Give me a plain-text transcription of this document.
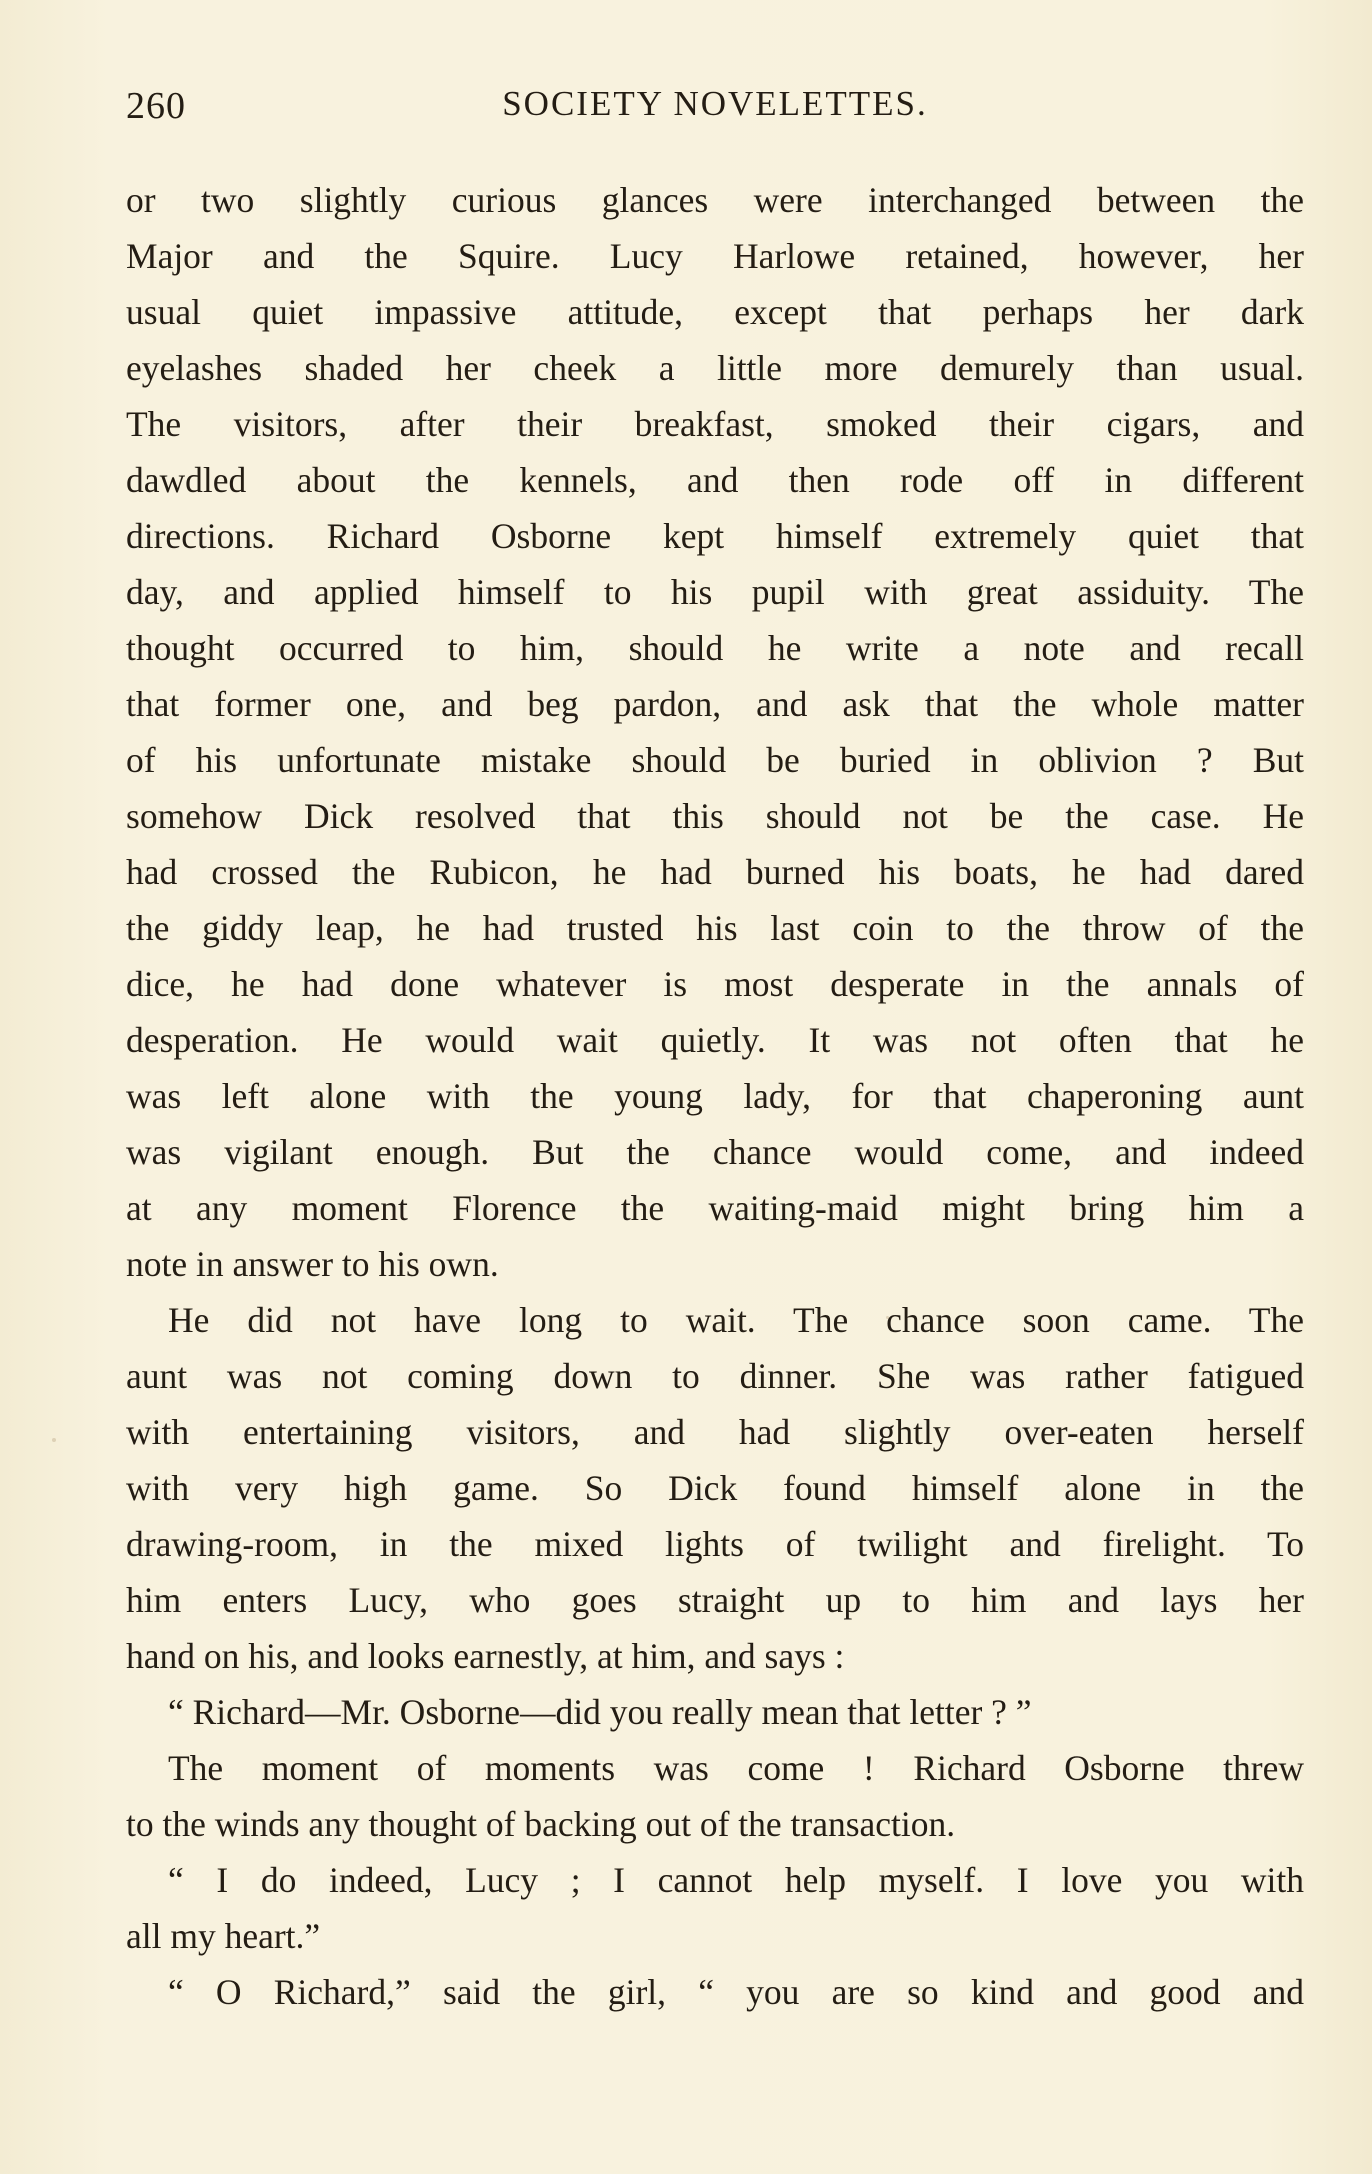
260	SOCIETY NOVELETTES.
or two slightly curious glances were interchanged between the
Major and the Squire. Lucy Harlowe retained, however, her
usual quiet impassive attitude, except that perhaps her dark
eyelashes shaded her cheek a little more demurely than usual.
The visitors, after their breakfast, smoked their cigars, and
dawdled about the kennels, and then rode off in different
directions. Richard Osborne kept himself extremely quiet that
day, and applied himself to his pupil with great assiduity. The
thought occurred to him, should he write a note and recall
that former one, and beg pardon, and ask that the whole matter
of his unfortunate mistake should be buried in oblivion ? But
somehow Dick resolved that this should not be the case. He
had crossed the Rubicon, he had burned his boats, he had dared
the giddy leap, he had trusted his last coin to the throw of the
dice, he had done whatever is most desperate in the annals of
desperation. He would wait quietly. It was not often that he
was left alone with the young lady, for that chaperoning aunt
was vigilant enough. But the chance would come, and indeed
at any moment Florence the waiting-maid might bring him a
note in answer to his own.
He did not have long to wait. The chance soon came. The
aunt was not coming down to dinner. She was rather fatigued
with entertaining visitors, and had slightly over-eaten herself
with very high game. So Dick found himself alone in the
drawing-room, in the mixed lights of twilight and firelight. To
him enters Lucy, who goes straight up to him and lays her
hand on his, and looks earnestly, at him, and says :
“ Richard—Mr. Osborne—did you really mean that letter ? ”
The moment of moments was come ! Richard Osborne threw
to the winds any thought of backing out of the transaction.
“ I do indeed, Lucy ; I cannot help myself. I love you with
all my heart.”
“ O Richard,” said the girl, “ you are so kind and good and
